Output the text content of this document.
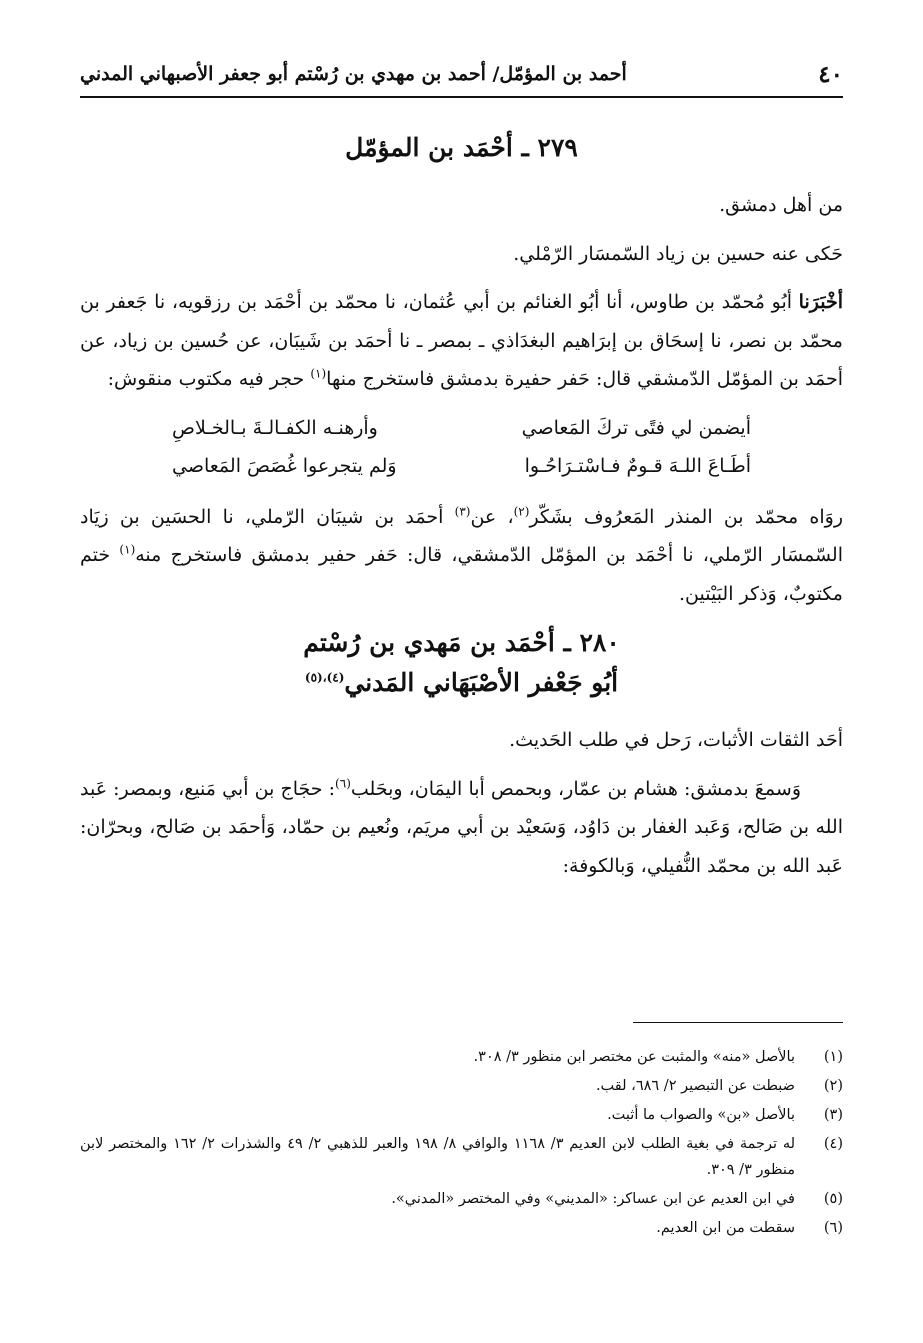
٤٠
أحمد بن المؤمّل/ أحمد بن مهدي بن رُسْتم أبو جعفر الأصبهاني المدني
٢٧٩ ـ أحْمَد بن المؤمّل

من أهل دمشق.

حَكى عنه حسين بن زياد السّمسَار الرّمْلي.

أخْبَرَنا أبُو مُحمّد بن طاوس، أنا أبُو الغنائم بن أبي عُثمان، نا محمّد بن أحْمَد بن رزقويه، نا جَعفر بن محمّد بن نصر، نا إسحَاق بن إبرَاهيم البغدَاذي ـ بمصر ـ نا أحمَد بن شَيبَان، عن حُسين بن زياد، عن أحمَد بن المؤمّل الدّمشقي قال: حَفر حفيرة بدمشق فاستخرج منها$^{(١)}$ حجر فيه مكتوب منقوش:

أيضمن لي فتًى تركَ المَعاصي
وأرهنـه الكفـالـةَ بـالخـلاصِ
أطَـاعَ اللـهَ قـومٌ فـاسْتـرَاحُـوا
وَلم يتجرعوا غُصَصَ المَعاصي

روَاه محمّد بن المنذر المَعرُوف بشَكّر$^{(٢)}$، عن$^{(٣)}$ أحمَد بن شيبَان الرّملي، نا الحسَين بن زيَاد السّمسَار الرّملي، نا أحْمَد بن المؤمّل الدّمشقي، قال: حَفر حفير بدمشق فاستخرج منه$^{(١)}$ ختم مكتوبٌ، وَذكر البَيْتين.

٢٨٠ ـ أحْمَد بن مَهدي بن رُسْتم
أبُو جَعْفر الأصْبَهَاني المَدني$^{(٤)،(٥)}$

أحَد الثقات الأثبات، رَحل في طلب الحَديث.

وَسمعَ بدمشق: هشام بن عمّار، وبحمص أبا اليمَان، وبحَلب$^{(٦)}$: حجَاج بن أبي مَنيع، وبمصر: عَبد الله بن صَالح، وَعَبد الغفار بن دَاوُد، وَسَعيْد بن أبي مريَم، ونُعيم بن حمّاد، وَأحمَد بن صَالح، وبحرّان: عَبد الله بن محمّد النُّفيلي، وَبالكوفة:

(١)
بالأصل «منه» والمثبت عن مختصر ابن منظور ٣/ ٣٠٨.
(٢)
ضبطت عن التبصير ٢/ ٦٨٦، لقب.
(٣)
بالأصل «بن» والصواب ما أثبت.
(٤)
له ترجمة في بغية الطلب لابن العديم ٣/ ١١٦٨ والوافي ٨/ ١٩٨ والعبر للذهبي ٢/ ٤٩ والشذرات ٢/ ١٦٢ والمختصر لابن منظور ٣/ ٣٠٩.
(٥)
في ابن العديم عن ابن عساكر: «المديني» وفي المختصر «المدني».
(٦)
سقطت من ابن العديم.
